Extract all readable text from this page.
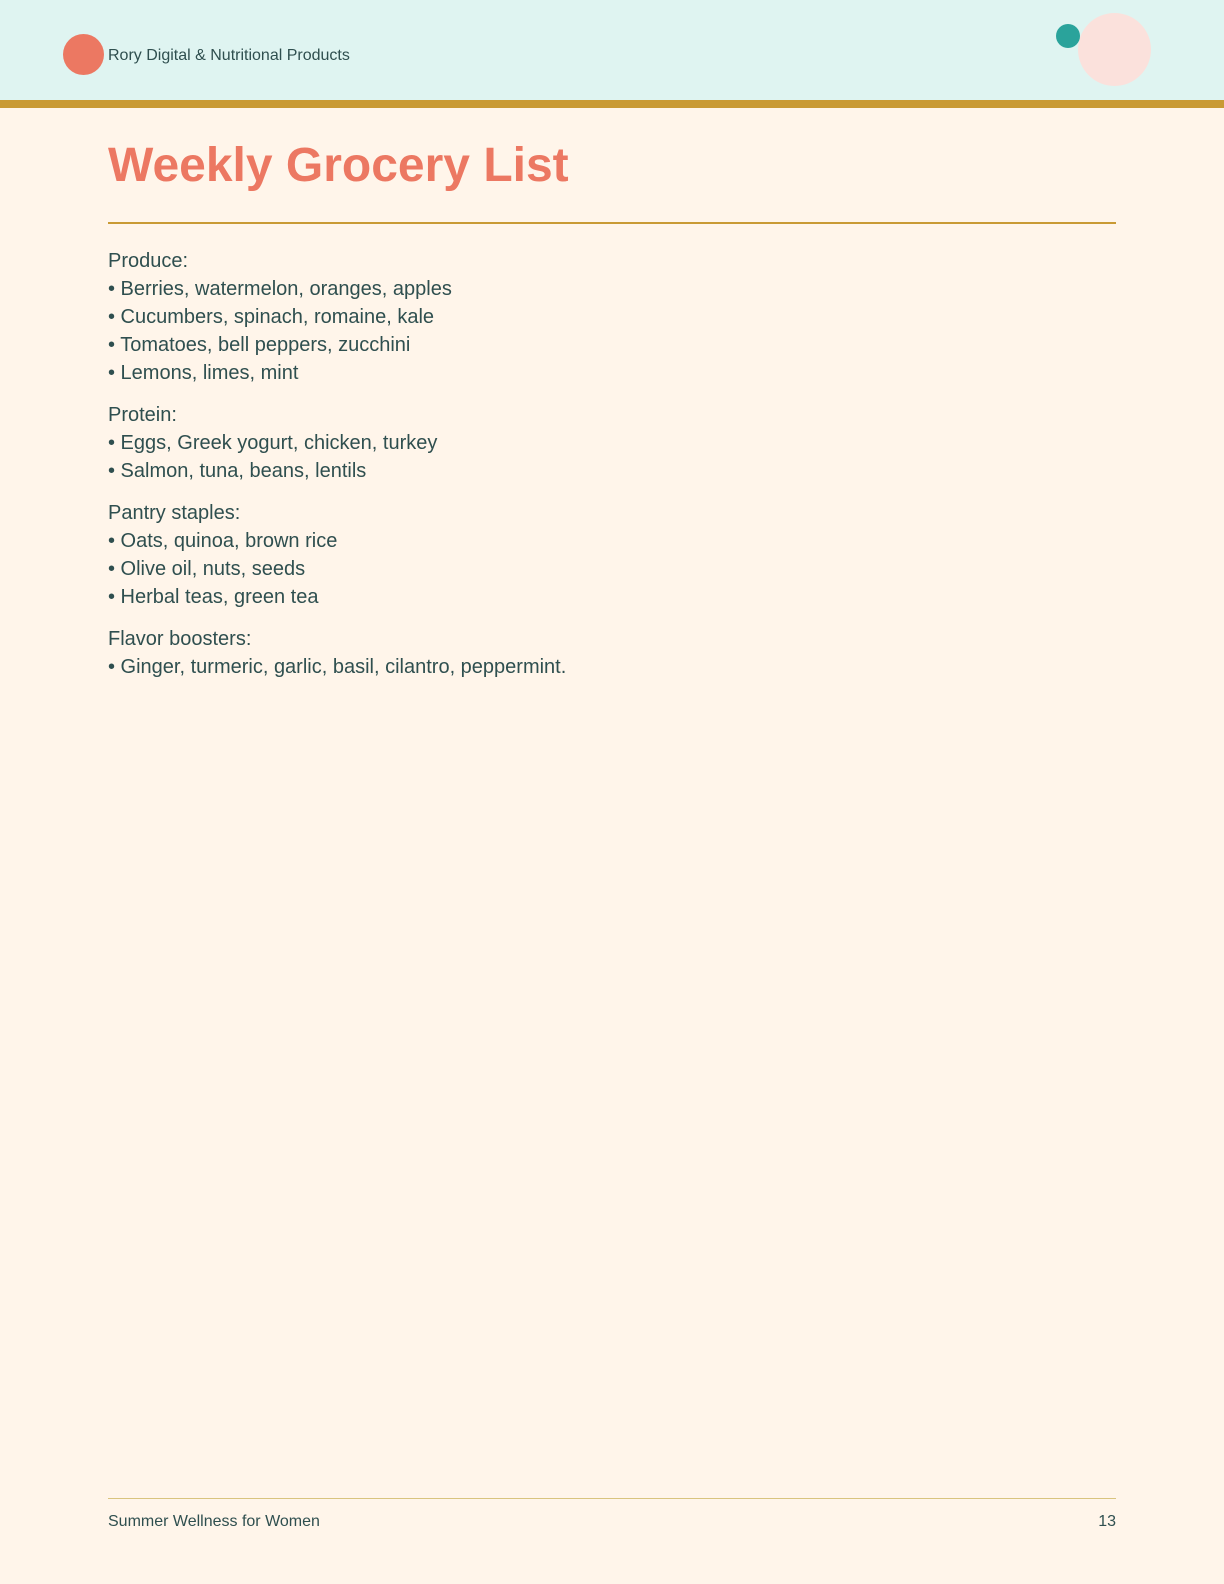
Rory Digital & Nutritional Products
Weekly Grocery List
Produce:
• Berries, watermelon, oranges, apples
• Cucumbers, spinach, romaine, kale
• Tomatoes, bell peppers, zucchini
• Lemons, limes, mint
Protein:
• Eggs, Greek yogurt, chicken, turkey
• Salmon, tuna, beans, lentils
Pantry staples:
• Oats, quinoa, brown rice
• Olive oil, nuts, seeds
• Herbal teas, green tea
Flavor boosters:
• Ginger, turmeric, garlic, basil, cilantro, peppermint.
Summer Wellness for Women	13
